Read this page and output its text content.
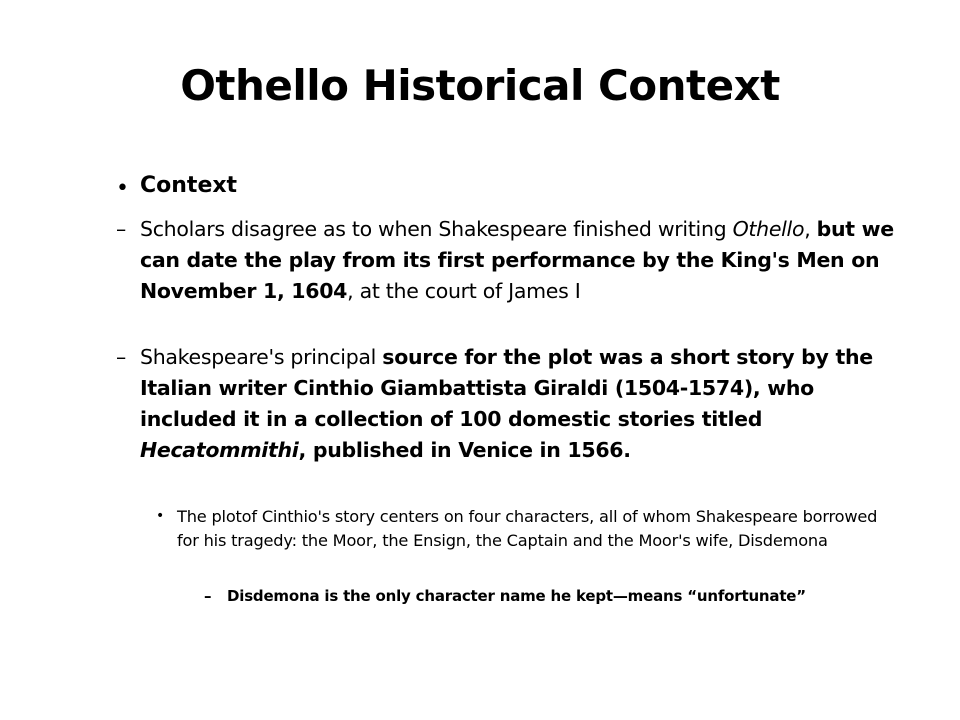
Othello Historical Context
• Context
– Scholars disagree as to when Shakespeare finished writing Othello, but we can date the play from its first performance by the King's Men on November 1, 1604, at the court of James I
– Shakespeare's principal source for the plot was a short story by the Italian writer Cinthio Giambattista Giraldi (1504-1574), who included it in a collection of 100 domestic stories titled Hecatommithi, published in Venice in 1566.
• The plotof Cinthio's story centers on four characters, all of whom Shakespeare borrowed for his tragedy: the Moor, the Ensign, the Captain and the Moor's wife, Disdemona
– Disdemona is the only character name he kept—means “unfortunate”
